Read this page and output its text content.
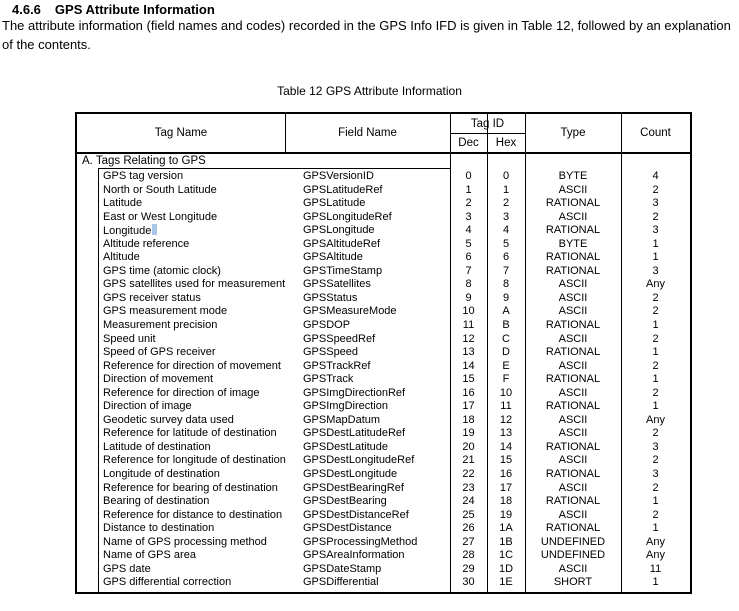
4.6.6 GPS Attribute Information
The attribute information (field names and codes) recorded in the GPS Info IFD is given in Table 12, followed by an explanation of the contents.
Table 12 GPS Attribute Information
Tag Name	Field Name
Tag ID
Dec	Hex
Type	Count
A. Tags Relating to GPS
GPS tag version	GPSVersionID	0	0	BYTE	4
North or South Latitude	GPSLatitudeRef	1	1	ASCII	2
Latitude	GPSLatitude	2	2	RATIONAL	3
East or West Longitude	GPSLongitudeRef	3	3	ASCII	2
Longitude	GPSLongitude	4	4	RATIONAL	3
Altitude reference	GPSAltitudeRef	5	5	BYTE	1
Altitude	GPSAltitude	6	6	RATIONAL	1
GPS time (atomic clock)	GPSTimeStamp	7	7	RATIONAL	3
GPS satellites used for measurement GPSSatellites	8	8	ASCII	Any
GPS receiver status	GPSStatus	9	9	ASCII	2
GPS measurement mode	GPSMeasureMode	10	A	ASCII	2
Measurement precision	GPSDOP	11	B	RATIONAL	1
Speed unit	GPSSpeedRef	12	C	ASCII	2
Speed of GPS receiver	GPSSpeed	13	D	RATIONAL	1
Reference for direction of movement GPSTrackRef	14	E	ASCII	2
Direction of movement	GPSTrack	15	F	RATIONAL	1
Reference for direction of image	GPSImgDirectionRef	16	10	ASCII	2
Direction of image	GPSImgDirection	17	11	RATIONAL	1
Geodetic survey data used	GPSMapDatum	18	12	ASCII	Any
Reference for latitude of destination GPSDestLatitudeRef	19	13	ASCII	2
Latitude of destination	GPSDestLatitude	20	14	RATIONAL	3
Reference for longitude of destination GPSDestLongitudeRef	21	15	ASCII	2
Longitude of destination	GPSDestLongitude	22	16	RATIONAL	3
Reference for bearing of destination GPSDestBearingRef	23	17	ASCII	2
Bearing of destination	GPSDestBearing	24	18	RATIONAL	1
Reference for distance to destination GPSDestDistanceRef	25	19	ASCII	2
Distance to destination	GPSDestDistance	26	1A	RATIONAL	1
Name of GPS processing method	GPSProcessingMethod	27	1B	UNDEFINED	Any
Name of GPS area	GPSAreaInformation	28	1C	UNDEFINED	Any
GPS date	GPSDateStamp	29	1D	ASCII	11
GPS differential correction	GPSDifferential	30	1E	SHORT	1
